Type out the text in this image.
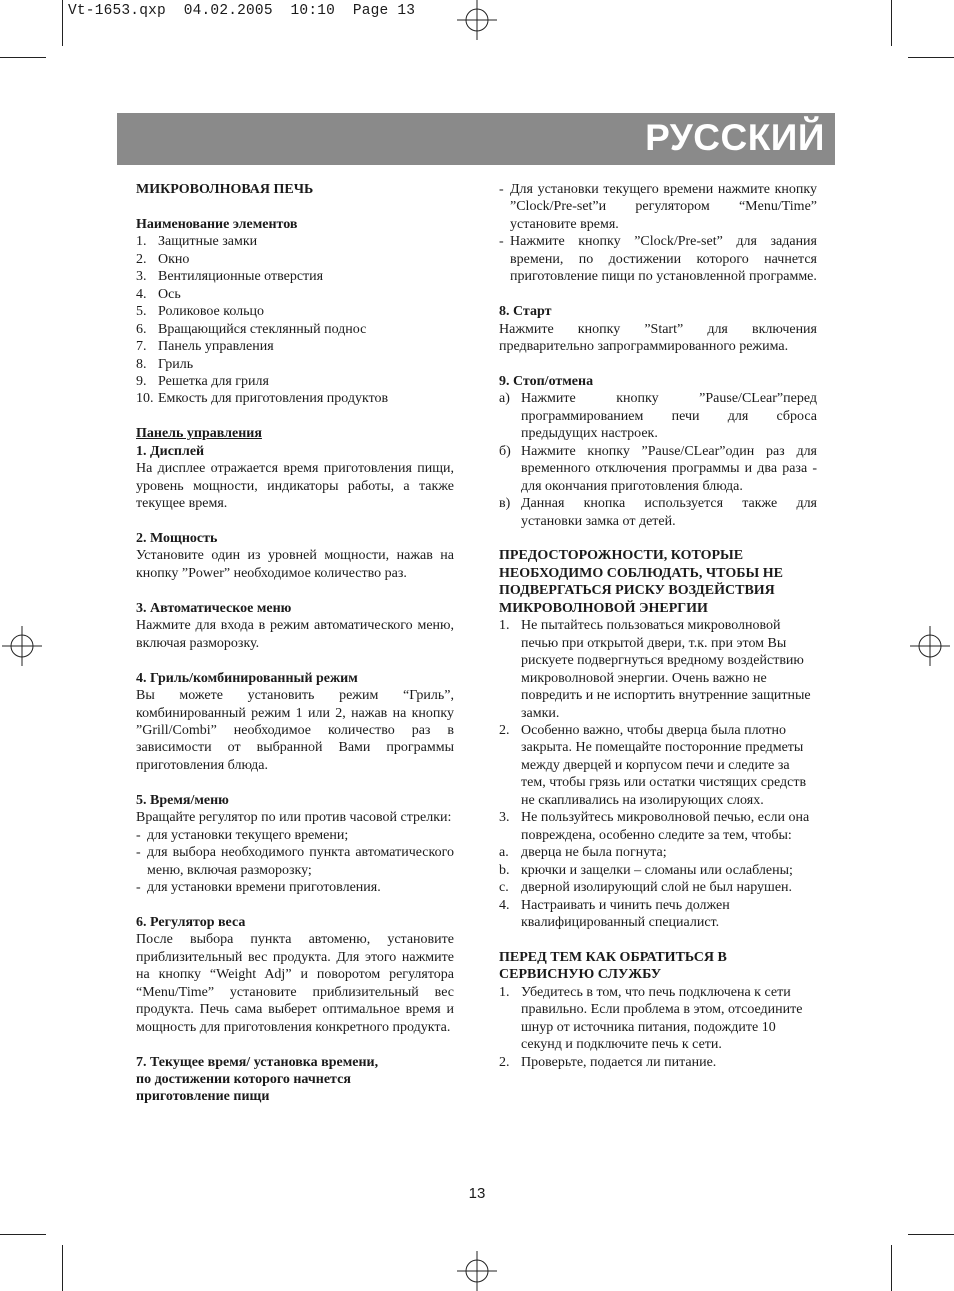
Vt-1653.qxp  04.02.2005  10:10  Page 13
РУССКИЙ
МИКРОВОЛНОВАЯ ПЕЧЬ
Наименование элементов
1. Защитные замки
2. Окно
3. Вентиляционные отверстия
4. Ось
5. Роликовое кольцо
6. Вращающийся стеклянный поднос
7. Панель управления
8. Гриль
9. Решетка для гриля
10. Емкость для приготовления продуктов
Панель управления
1. Дисплей
На дисплее отражается время приготовления пищи, уровень мощности, индикаторы работы, а также текущее время.
2. Мощность
Установите один из уровней мощности, нажав на кнопку ”Power” необходимое количество раз.
3. Автоматическое меню
Нажмите для входа в режим автоматического меню, включая разморозку.
4. Гриль/комбинированный режим
Вы можете установить режим “Гриль”, комбинированный режим 1 или 2, нажав на кнопку ”Grill/Combi” необходимое количество раз в зависимости от выбранной Вами программы приготовления блюда.
5. Время/меню
Вращайте регулятор по или против часовой стрелки:
- для установки текущего времени;
- для выбора необходимого пункта автоматического меню, включая разморозку;
- для установки времени приготовления.
6. Регулятор веса
После выбора пункта автоменю, установите приблизительный вес продукта. Для этого нажмите на кнопку “Weight Adj” и поворотом регулятора “Menu/Time” установите приблизительный вес продукта. Печь сама выберет оптимальное время и мощность для приготовления конкретного продукта.
7. Текущее время/ установка времени,
по достижении которого начнется
приготовление пищи
- Для установки текущего времени нажмите кнопку ”Clock/Pre-set”и регулятором “Menu/Time” установите время.
- Нажмите кнопку ”Clock/Pre-set” для задания времени, по достижении которого начнется приготовление пищи по установленной программе.
8. Старт
Нажмите кнопку ”Start” для включения предварительно запрограммированного режима.
9. Стоп/отмена
а) Нажмите кнопку ”Pause/CLear”перед программированием печи для сброса предыдущих настроек.
б) Нажмите кнопку ”Pause/CLear”один раз для временного отключения программы и два раза - для окончания приготовления блюда.
в) Данная кнопка используется также для установки замка от детей.
ПРЕДОСТОРОЖНОСТИ, КОТОРЫЕ НЕОБХОДИМО СОБЛЮДАТЬ, ЧТОБЫ НЕ ПОДВЕРГАТЬСЯ РИСКУ ВОЗДЕЙСТВИЯ МИКРОВОЛНОВОЙ ЭНЕРГИИ
1. Не пытайтесь пользоваться микроволновой печью при открытой двери, т.к. при этом Вы рискуете подвергнуться вредному воздействию микроволновой энергии. Очень важно не повредить и не испортить внутренние защитные замки.
2. Особенно важно, чтобы дверца была плотно закрыта. Не помещайте посторонние предметы между дверцей и корпусом печи и следите за тем, чтобы грязь или остатки чистящих средств не скапливались на изолирующих слоях.
3. Не пользуйтесь микроволновой печью, если она повреждена, особенно следите за тем, чтобы:
a. дверца не была погнута;
b. крючки и защелки – сломаны или ослаблены;
c. дверной изолирующий слой не был нарушен.
4. Настраивать и чинить печь должен квалифицированный специалист.
ПЕРЕД ТЕМ КАК ОБРАТИТЬСЯ В СЕРВИСНУЮ СЛУЖБУ
1. Убедитесь в том, что печь подключена к сети правильно. Если проблема в этом, отсоедините шнур от источника питания, подождите 10 секунд и подключите печь к сети.
2. Проверьте, подается ли питание.
13
